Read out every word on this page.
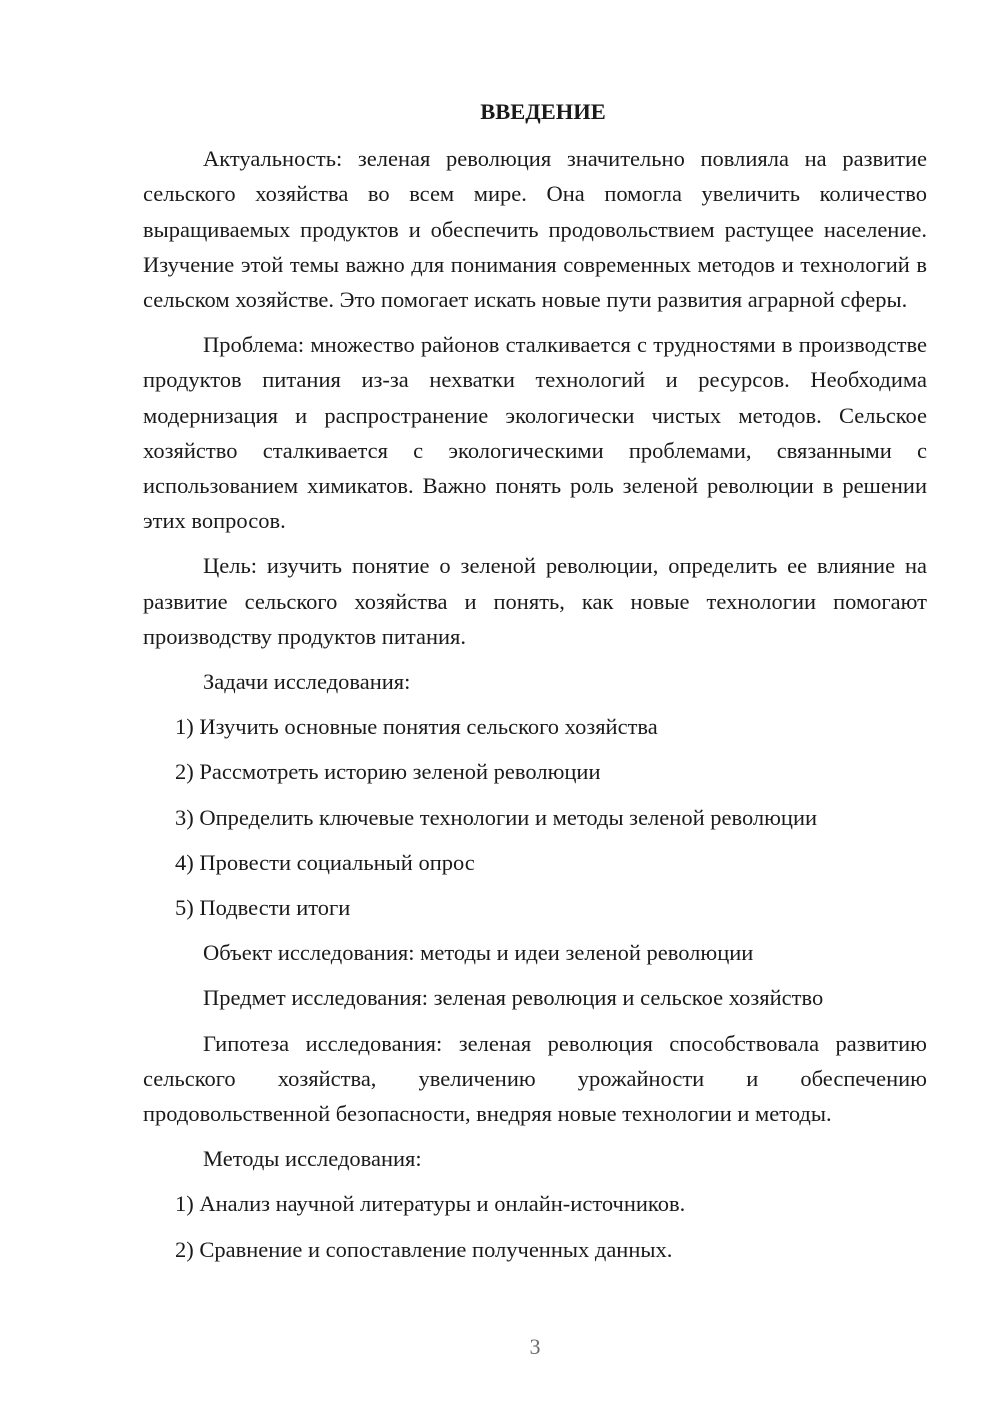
ВВЕДЕНИЕ

Актуальность: зеленая революция значительно повлияла на развитие сельского хозяйства во всем мире. Она помогла увеличить количество выращиваемых продуктов и обеспечить продовольствием растущее население. Изучение этой темы важно для понимания современных методов и технологий в сельском хозяйстве. Это помогает искать новые пути развития аграрной сферы.

Проблема: множество районов сталкивается с трудностями в производстве продуктов питания из-за нехватки технологий и ресурсов. Необходима модернизация и распространение экологически чистых методов. Сельское хозяйство сталкивается с экологическими проблемами, связанными с использованием химикатов. Важно понять роль зеленой революции в решении этих вопросов.

Цель: изучить понятие о зеленой революции, определить ее влияние на развитие сельского хозяйства и понять, как новые технологии помогают производству продуктов питания.

Задачи исследования:

1) Изучить основные понятия сельского хозяйства
2) Рассмотреть историю зеленой революции
3) Определить ключевые технологии и методы зеленой революции
4) Провести социальный опрос
5) Подвести итоги

Объект исследования: методы и идеи зеленой революции

Предмет исследования: зеленая революция и сельское хозяйство

Гипотеза исследования: зеленая революция способствовала развитию сельского хозяйства, увеличению урожайности и обеспечению продовольственной безопасности, внедряя новые технологии и методы.

Методы исследования:

1) Анализ научной литературы и онлайн-источников.
2) Сравнение и сопоставление полученных данных.
3
